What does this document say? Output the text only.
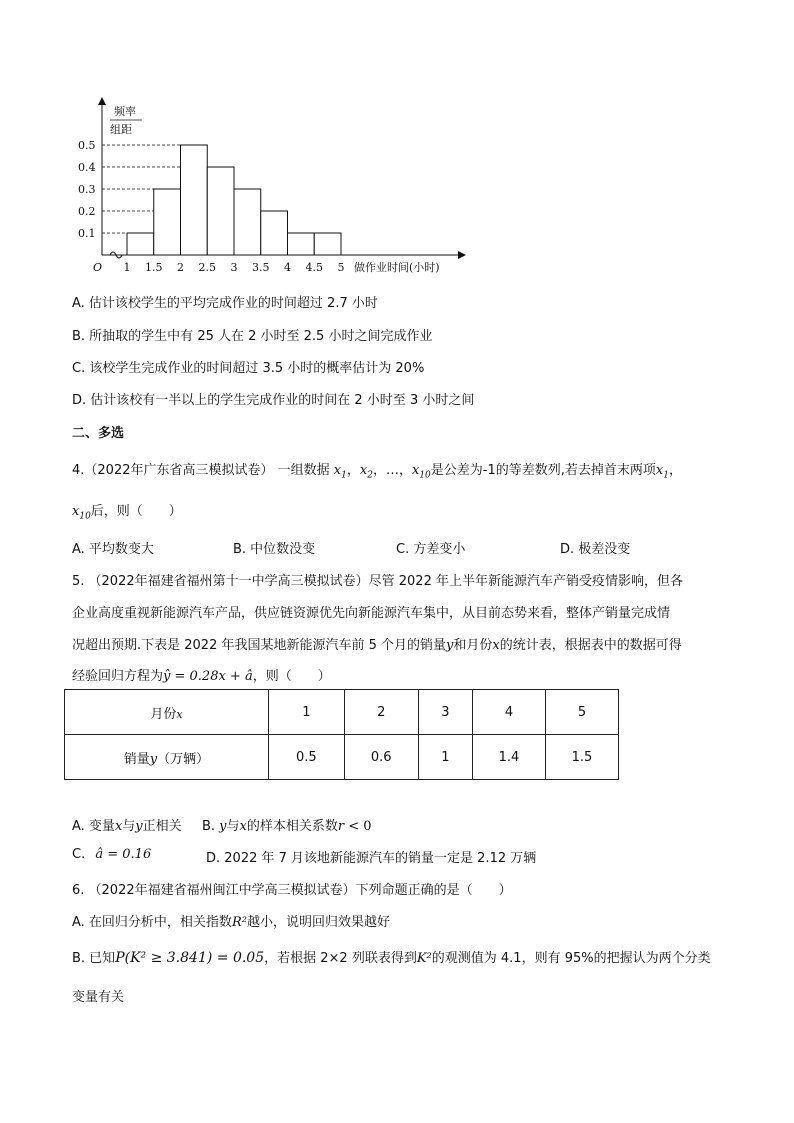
频率
组距
O	做作业时间(小时)
0.5
0.4
0.3
0.2
0.1
1 1.5 2 2.5 3 3.5 4 4.5 5
A. 估计该校学生的平均完成作业的时间超过 2.7 小时
B. 所抽取的学生中有 25 人在 2 小时至 2.5 小时之间完成作业
C. 该校学生完成作业的时间超过 3.5 小时的概率估计为 20%
D. 估计该校有一半以上的学生完成作业的时间在 2 小时至 3 小时之间
二、多选
4.（2022年广东省高三模拟试卷） 一组数据 $x_1$，$x_2$，…，$x_{10}$是公差为-1的等差数列,若去掉首末两项$x_1$，
$x_{10}$后，则（　　）
A. 平均数变大	B. 中位数没变	C. 方差变小	D. 极差没变
5. （2022年福建省福州第十一中学高三模拟试卷）尽管 2022 年上半年新能源汽车产销受疫情影响，但各
企业高度重视新能源汽车产品，供应链资源优先向新能源汽车集中，从目前态势来看，整体产销量完成情
况超出预期.下表是 2022 年我国某地新能源汽车前 5 个月的销量y和月份x的统计表，根据表中的数据可得
经验回归方程为ŷ = 0.28x + â，则（　　）
月份x	1	2	3	4	5
销量y（万辆）	0.5	0.6	1	1.4	1.5
A. 变量x与y正相关 B. y与x的样本相关系数r < 0
C. â = 0.16	D. 2022 年 7 月该地新能源汽车的销量一定是 2.12 万辆
6. （2022年福建省福州闽江中学高三模拟试卷）下列命题正确的是（　　）
A. 在回归分析中，相关指数R²越小，说明回归效果越好
B. 已知P(K² ≥ 3.841) = 0.05，若根据 2×2 列联表得到K²的观测值为 4.1，则有 95%的把握认为两个分类
变量有关
